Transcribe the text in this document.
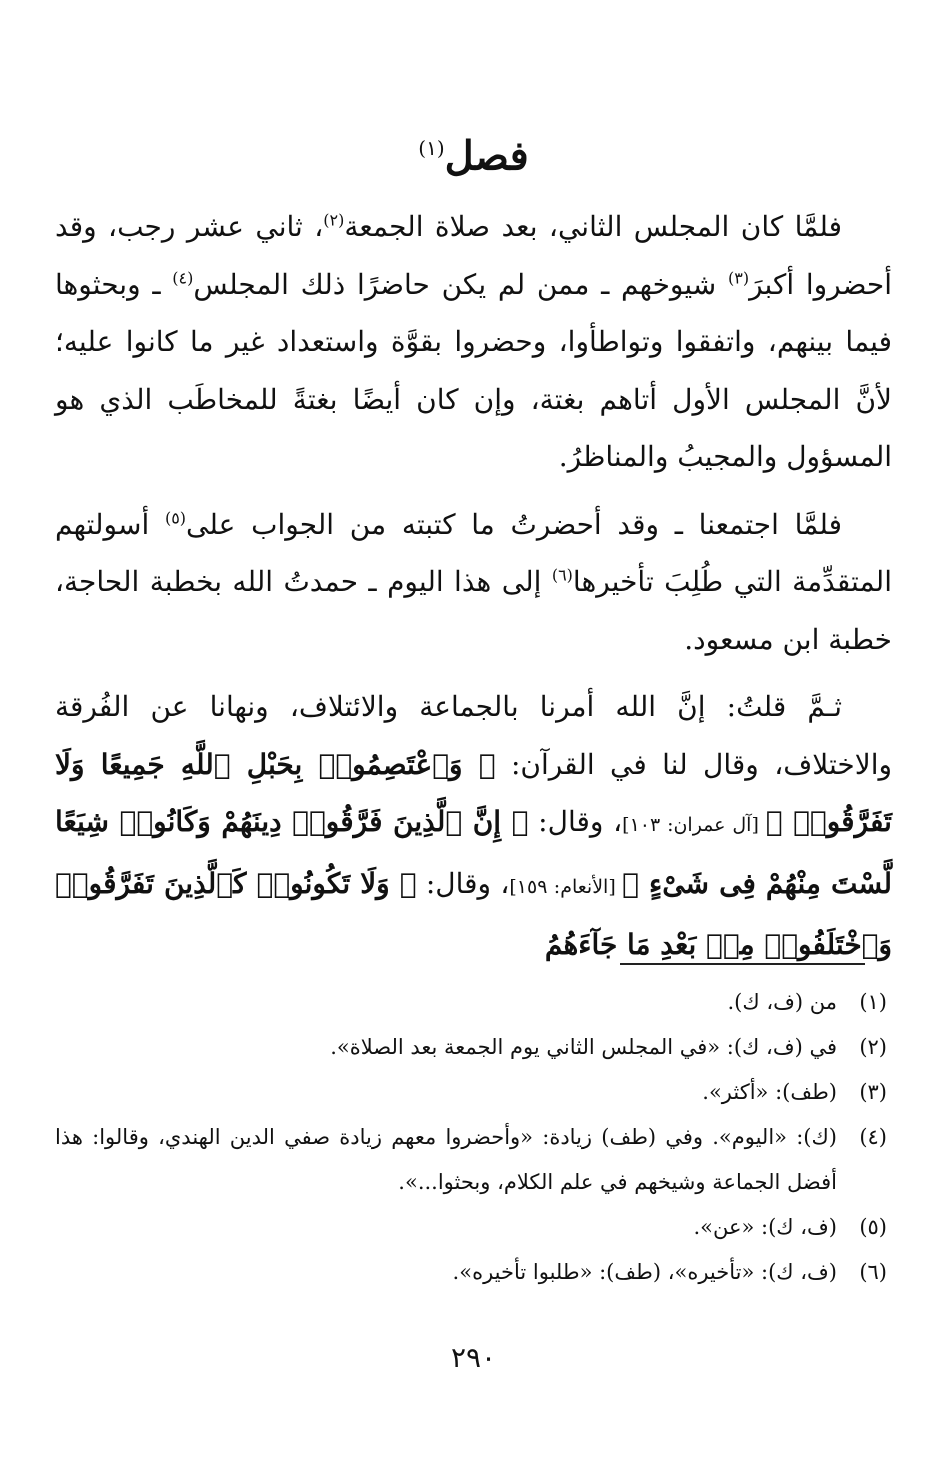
فصل$^{(١)}$

فلمَّا كان المجلس الثاني، بعد صلاة الجمعة$^{(٢)}$، ثاني عشر رجب، وقد أحضروا أكبرَ$^{(٣)}$ شيوخهم ـ ممن لم يكن حاضرًا ذلك المجلس$^{(٤)}$ ـ وبحثوها فيما بينهم، واتفقوا وتواطأوا، وحضروا بقوَّة واستعداد غير ما كانوا عليه؛ لأنَّ المجلس الأول أتاهم بغتة، وإن كان أيضًا بغتةً للمخاطَب الذي هو المسؤول والمجيبُ والمناظرُ.

فلمَّا اجتمعنا ـ وقد أحضرتُ ما كتبته من الجواب على$^{(٥)}$ أسولتهم المتقدِّمة التي طُلِبَ تأخيرها$^{(٦)}$ إلى هذا اليوم ـ حمدتُ الله بخطبة الحاجة، خطبة ابن مسعود.

ثـمَّ قلتُ: إنَّ الله أمرنا بالجماعة والائتلاف، ونهانا عن الفُرقة والاختلاف، وقال لنا في القرآن: ﴿ وَٱعْتَصِمُوا۟ بِحَبْلِ ٱللَّهِ جَمِيعًا وَلَا تَفَرَّقُوا۟ ﴾ [آل عمران: ١٠٣]، وقال: ﴿ إِنَّ ٱلَّذِينَ فَرَّقُوا۟ دِينَهُمْ وَكَانُوا۟ شِيَعًا لَّسْتَ مِنْهُمْ فِى شَىْءٍ ﴾ [الأنعام: ١٥٩]، وقال: ﴿ وَلَا تَكُونُوا۟ كَٱلَّذِينَ تَفَرَّقُوا۟ وَٱخْتَلَفُوا۟ مِنۢ بَعْدِ مَا جَآءَهُمُ

(١)
من (ف، ك).
(٢)
في (ف، ك): «في المجلس الثاني يوم الجمعة بعد الصلاة».
(٣)
(طف): «أكثر».
(٤)
(ك): «اليوم». وفي (طف) زيادة: «وأحضروا معهم زيادة صفي الدين الهندي، وقالوا: هذا أفضل الجماعة وشيخهم في علم الكلام، وبحثوا...».
(٥)
(ف، ك): «عن».
(٦)
(ف، ك): «تأخيره»، (طف): «طلبوا تأخيره».
٢٩٠
